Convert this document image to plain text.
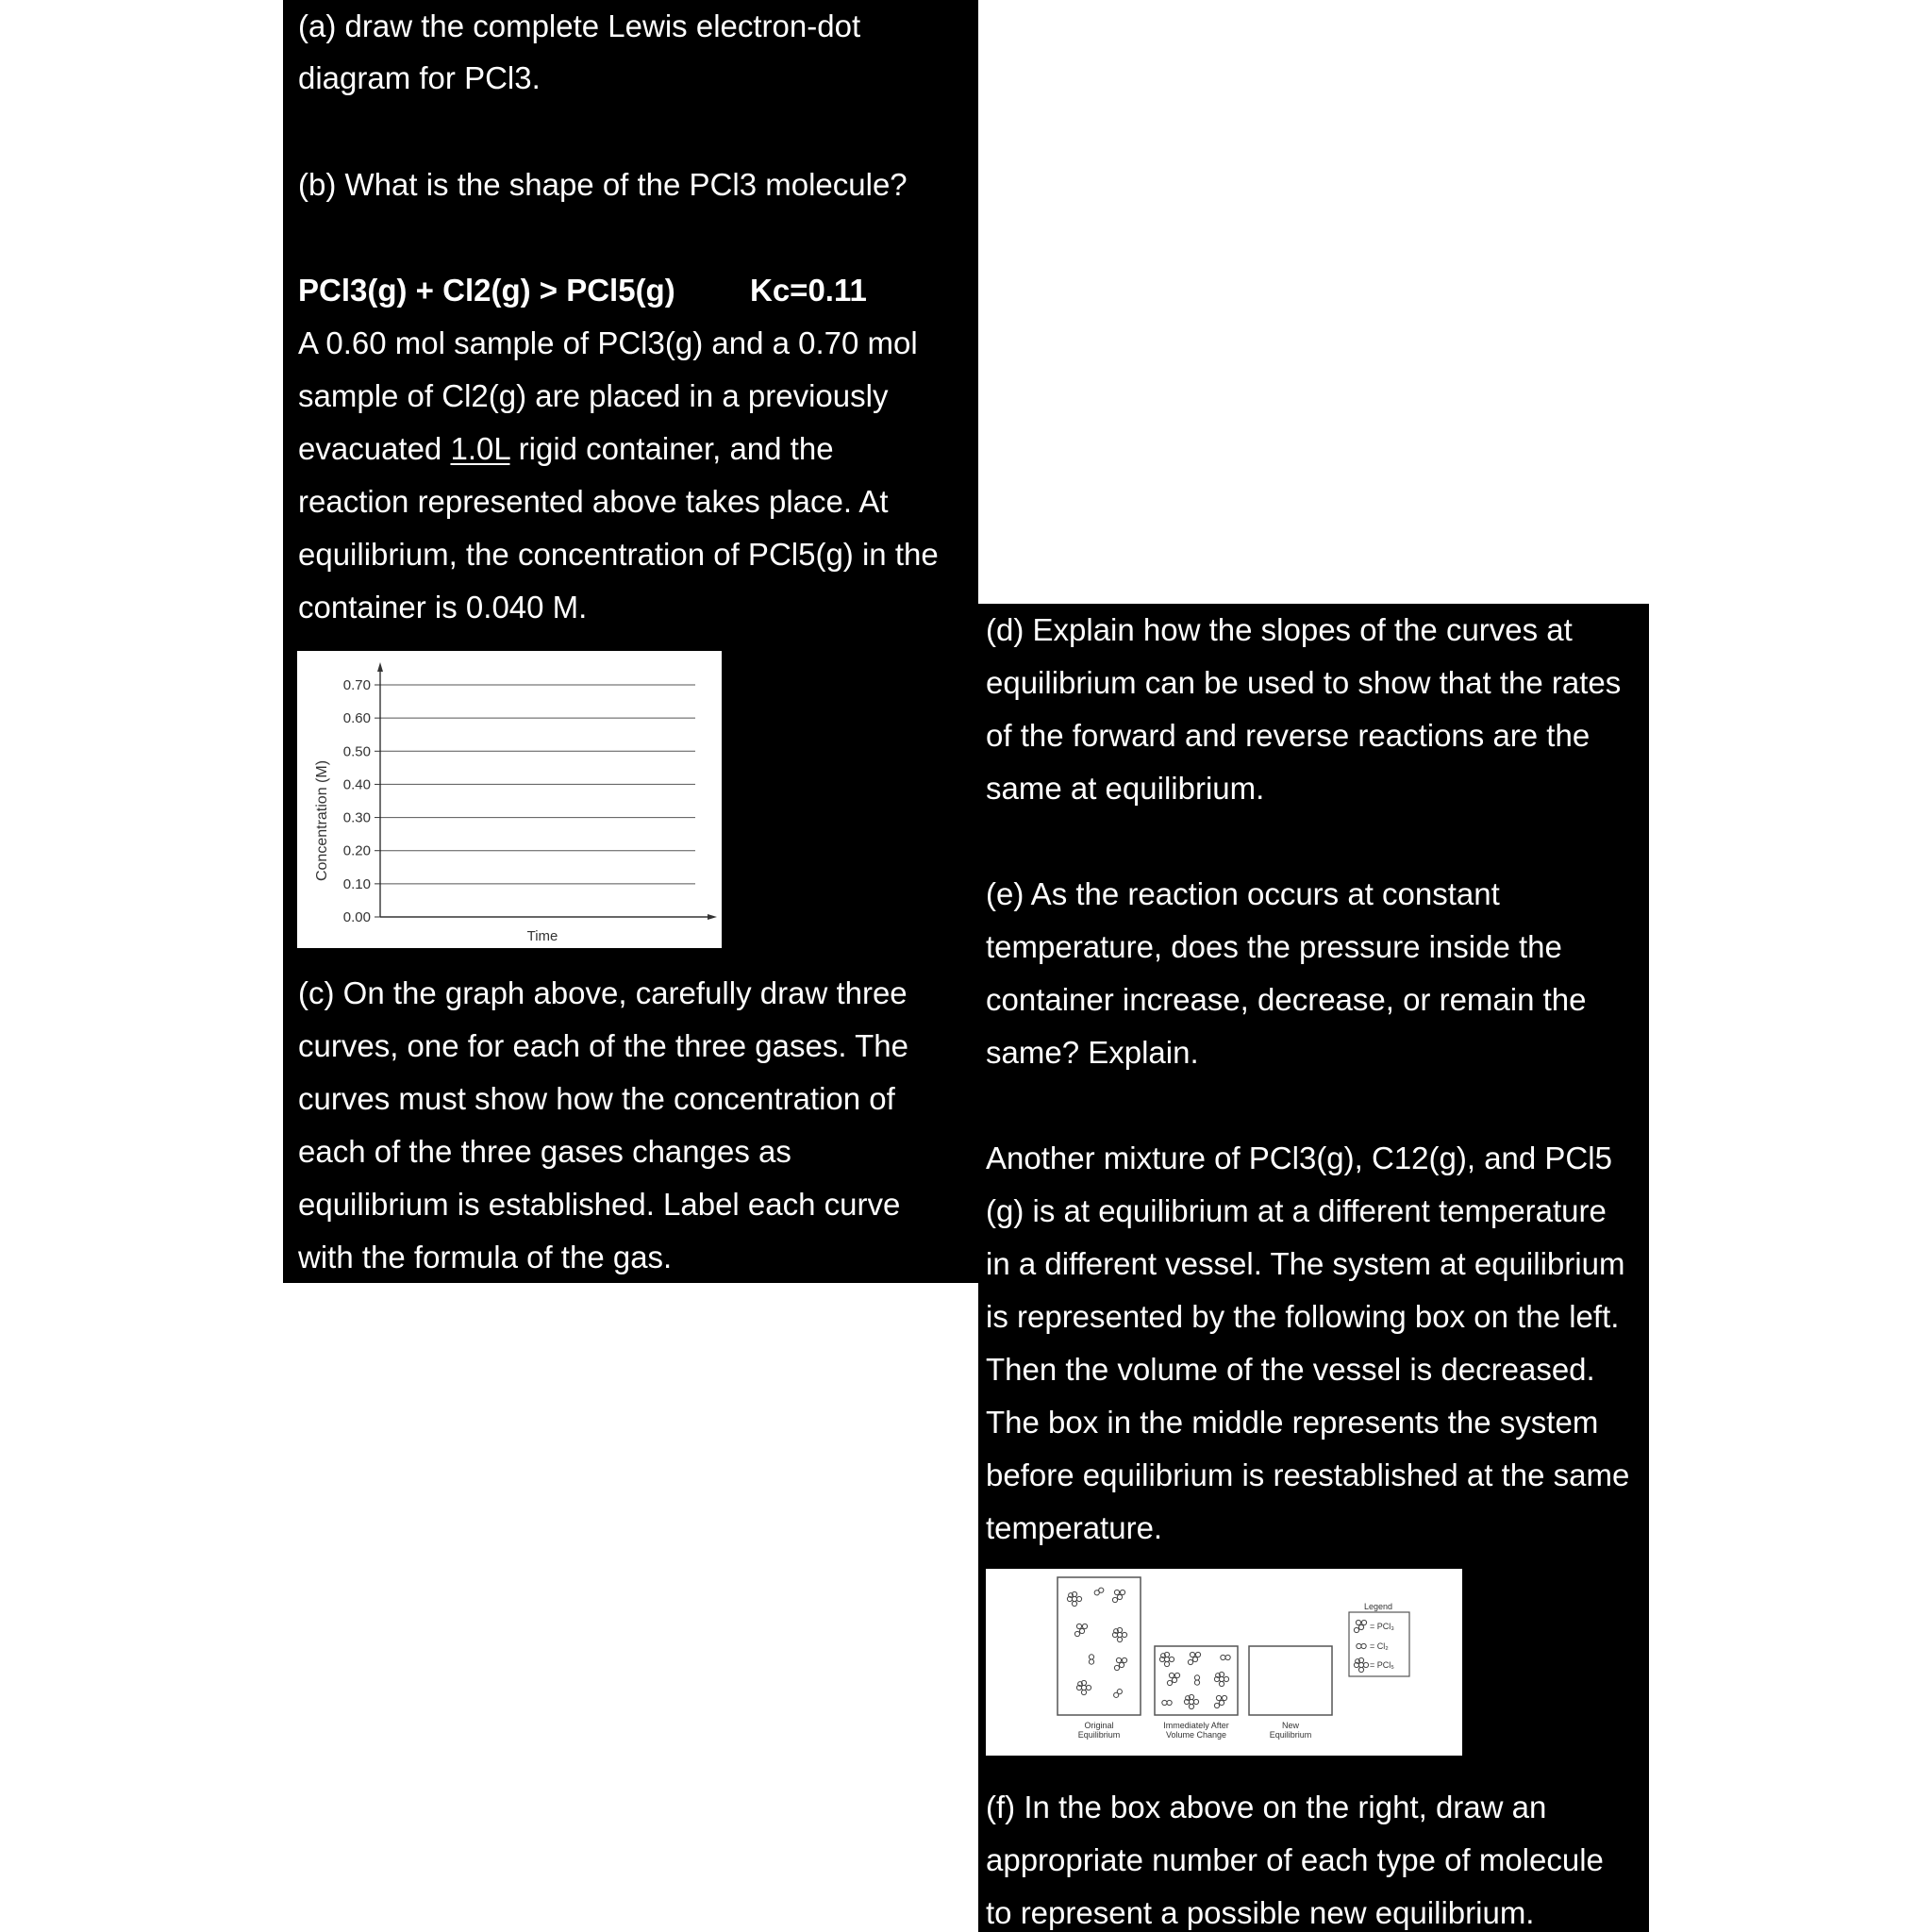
(a) draw the complete Lewis electron-dot
diagram for PCl3.
(b) What is the shape of the PCl3 molecule?
PCl3(g) + Cl2(g) > PCl5(g) Kc=0.11
A 0.60 mol sample of PCl3(g) and a 0.70 mol
sample of Cl2(g) are placed in a previously
evacuated 1.0L rigid container, and the
reaction represented above takes place. At
equilibrium, the concentration of PCl5(g) in the
container is 0.040 M.
Concentration (M)
Time
0.70
0.60
0.50
0.40
0.30
0.20
0.10
0.00
(c) On the graph above, carefully draw three
curves, one for each of the three gases. The
curves must show how the concentration of
each of the three gases changes as
equilibrium is established. Label each curve
with the formula of the gas.
(d) Explain how the slopes of the curves at
equilibrium can be used to show that the rates
of the forward and reverse reactions are the
same at equilibrium.
(e) As the reaction occurs at constant
temperature, does the pressure inside the
container increase, decrease, or remain the
same? Explain.
Another mixture of PCl3(g), C12(g), and PCl5
(g) is at equilibrium at a different temperature
in a different vessel. The system at equilibrium
is represented by the following box on the left.
Then the volume of the vessel is decreased.
The box in the middle represents the system
before equilibrium is reestablished at the same
temperature.
Original
Equilibrium
Immediately After
Volume Change
New
Equilibrium
Legend
= PCl₃
= Cl₂
= PCl₅
(f) In the box above on the right, draw an
appropriate number of each type of molecule
to represent a possible new equilibrium.
